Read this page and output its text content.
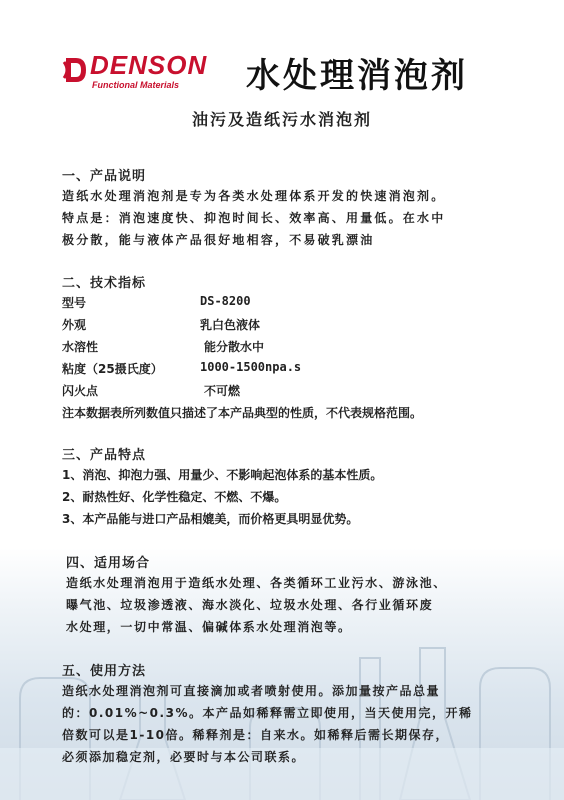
DENSON
Functional Materials 水处理消泡剂
油污及造纸污水消泡剂
一、产品说明
造纸水处理消泡剂是专为各类水处理体系开发的快速消泡剂。
特点是：消泡速度快、抑泡时间长、效率高、用量低。在水中
极分散，能与液体产品很好地相容，不易破乳漂油
二、技术指标
型号	DS-8200
外观	乳白色液体
水溶性	能分散水中
粘度（25摄氏度）	1000-1500npa.s
闪火点	不可燃
注本数据表所列数值只描述了本产品典型的性质，不代表规格范围。
三、产品特点
1、消泡、抑泡力强、用量少、不影响起泡体系的基本性质。
2、耐热性好、化学性稳定、不燃、不爆。
3、本产品能与进口产品相媲美，而价格更具明显优势。
四、适用场合
造纸水处理消泡用于造纸水处理、各类循环工业污水、游泳池、
曝气池、垃圾渗透液、海水淡化、垃圾水处理、各行业循环废
水处理，一切中常温、偏碱体系水处理消泡等。
五、使用方法
造纸水处理消泡剂可直接滴加或者喷射使用。添加量按产品总量
的：0.01%~0.3%。本产品如稀释需立即使用，当天使用完，开稀
倍数可以是1-10倍。稀释剂是：自来水。如稀释后需长期保存，
必须添加稳定剂，必要时与本公司联系。
